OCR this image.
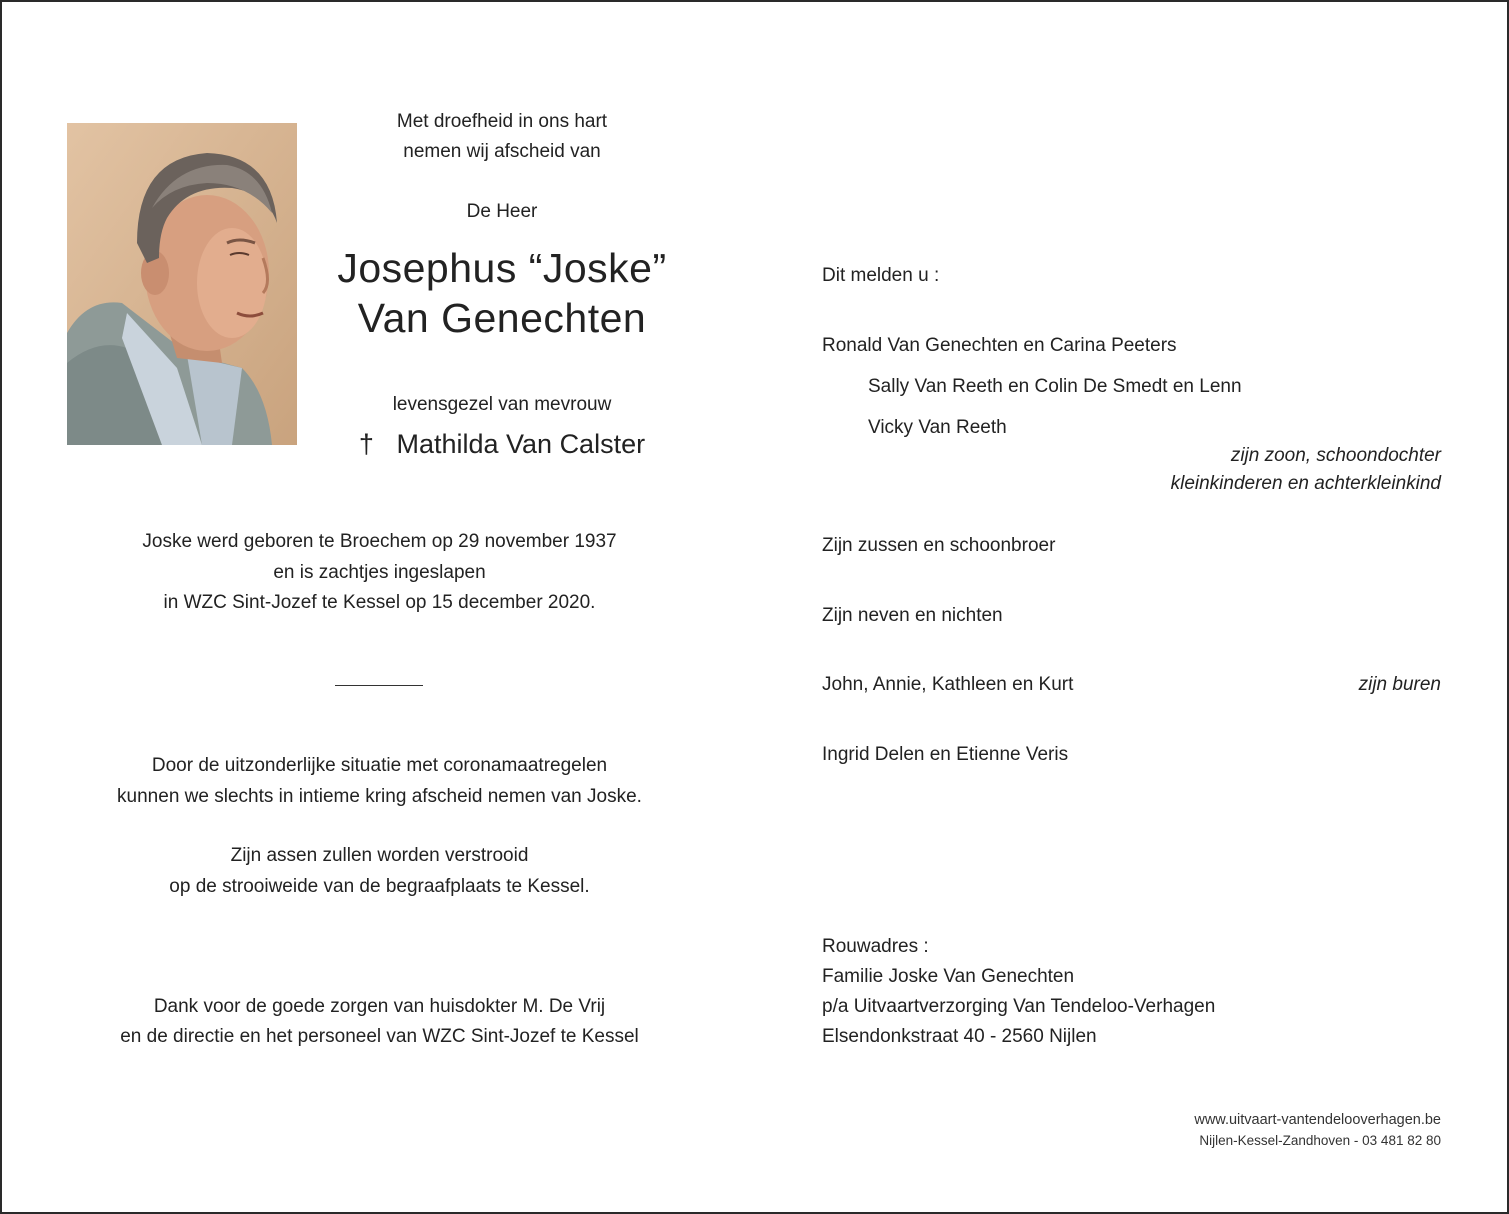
Met droefheid in ons hart
nemen wij afscheid van
De Heer
Josephus “Joske”
Van Genechten
levensgezel van mevrouw
† Mathilda Van Calster
Joske werd geboren te Broechem op 29 november 1937
en is zachtjes ingeslapen
in WZC Sint-Jozef te Kessel op 15 december 2020.
Door de uitzonderlijke situatie met coronamaatregelen
kunnen we slechts in intieme kring afscheid nemen van Joske.
Zijn assen zullen worden verstrooid
op de strooiweide van de begraafplaats te Kessel.
Dank voor de goede zorgen van huisdokter M. De Vrij
en de directie en het personeel van WZC Sint-Jozef te Kessel
Dit melden u :
Ronald Van Genechten en Carina Peeters
Sally Van Reeth en Colin De Smedt en Lenn
Vicky Van Reeth
zijn zoon, schoondochter
kleinkinderen en achterkleinkind
Zijn zussen en schoonbroer
Zijn neven en nichten
John, Annie, Kathleen en Kurt	zijn buren
Ingrid Delen en Etienne Veris
Rouwadres :
Familie Joske Van Genechten
p/a Uitvaartverzorging Van Tendeloo-Verhagen
Elsendonkstraat 40 - 2560 Nijlen
www.uitvaart-vantendelooverhagen.be
Nijlen-Kessel-Zandhoven - 03 481 82 80
